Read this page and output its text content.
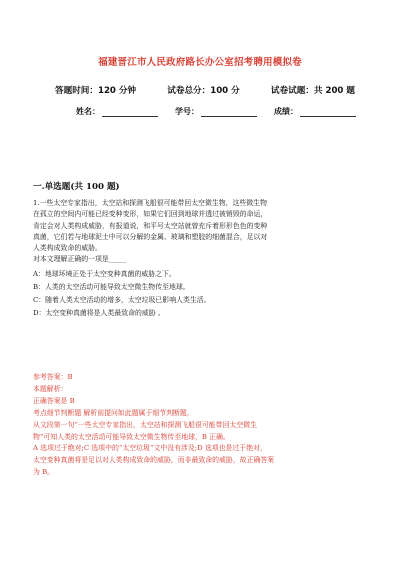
福建晋江市人民政府路长办公室招考聘用模拟卷
答题时间：120 分钟	试卷总分：100 分	试卷试题：共 200 题
姓名：	学号：	成绩：
一.单选题(共 100 题)
1.一些太空专家指出，太空站和探测飞船很可能带回太空微生物，这些微生物
在孤立的空间内可能已经变种变形，如果它们回到地球并透过被销毁的命运，
肯定会对人类构成威胁，有报道说，和平号太空站就曾充斥着形形色色的变种
真菌，它们若与地球泥土中可以分解的金属、玻璃和塑胶的细菌混合，足以对
人类构成致命的威胁。
对本文理解正确的一项是_____
A：地球环境正处于太空变种真菌的威胁之下。
B：人类的太空活动可能导致太空微生物传至地球。
C：随着人类太空活动的增多，太空垃圾已影响人类生活。
D：太空变种真菌将是人类最致命的威胁 。
参考答案：B
本题解析：
正确答案是 B
考点细节判断题 解析前提问如此题属于细节判断题，
从文段第一句“一些太空专家指出，太空站和探测飞船很可能带回太空微生
物”可知人类的太空活动可能导致太空微生物传至地球，B 正确。
A 选项过于绝对;C 选项中的“太空垃圾”文中没有涉及;D 选项也是过于绝对，
太空变种真菌将是足以对人类构成致命的威胁，而非最致命的威胁，故正确答案
为 B。
